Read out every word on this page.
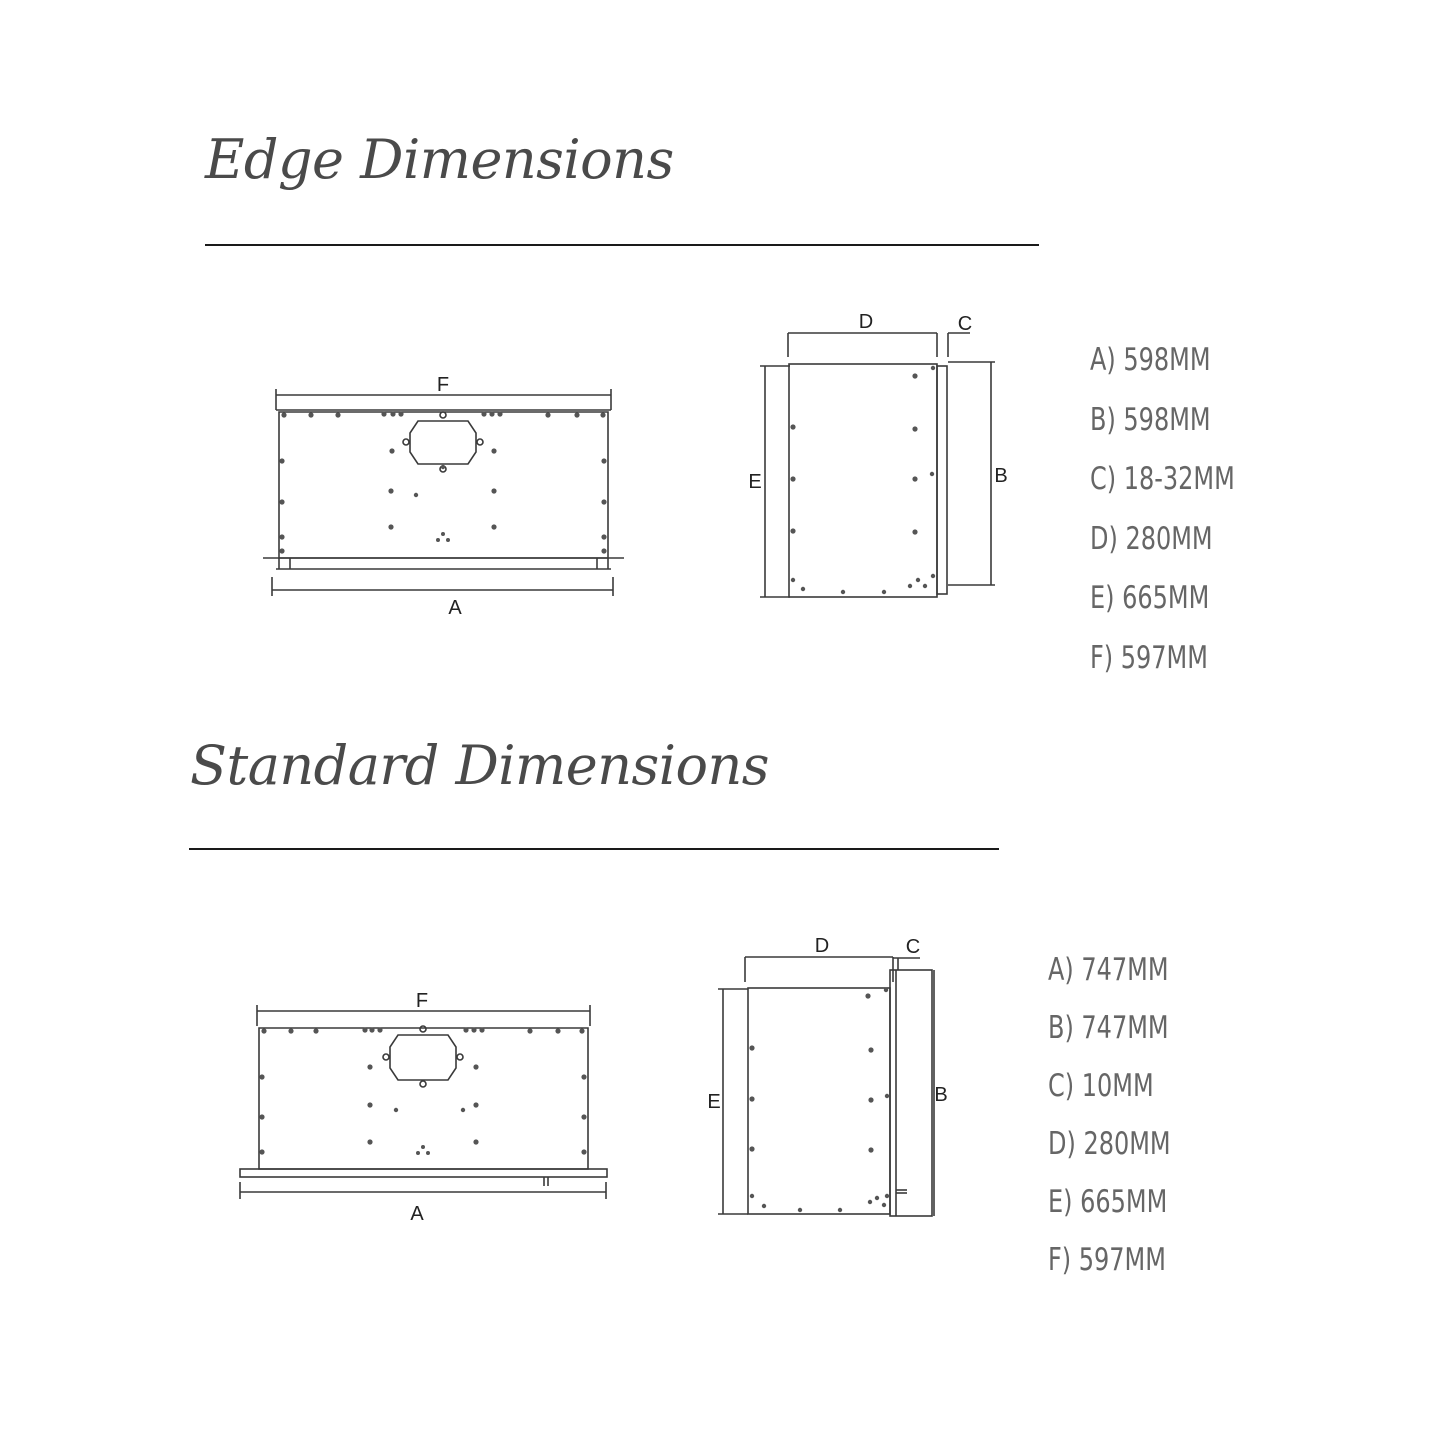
Edge Dimensions
Standard Dimensions
A) 598MM
B) 598MM
C) 18-32MM
D) 280MM
E) 665MM
F) 597MM
A) 747MM
B) 747MM
C) 10MM
D) 280MM
E) 665MM
F) 597MM
F
A
D	C
E	B
F
A
D	C
E	B
